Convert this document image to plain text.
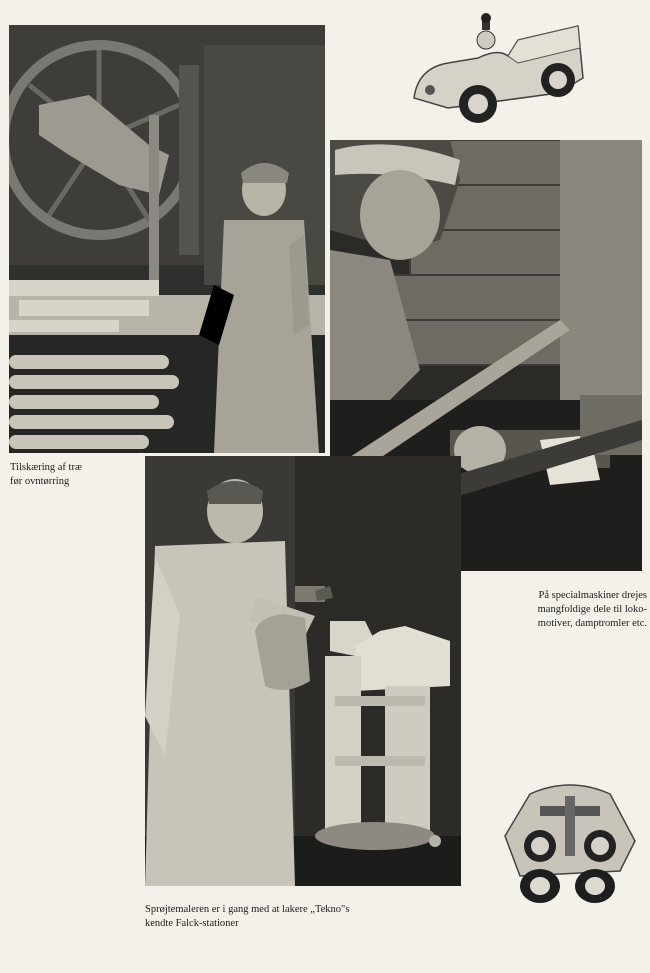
Tilskæring af træ
før ovntørring
På specialmaskiner drejes
mangfoldige dele til loko-
motiver, damptromler etc.
Sprøjtemaleren er i gang med at lakere „Tekno"s
kendte Falck-stationer
